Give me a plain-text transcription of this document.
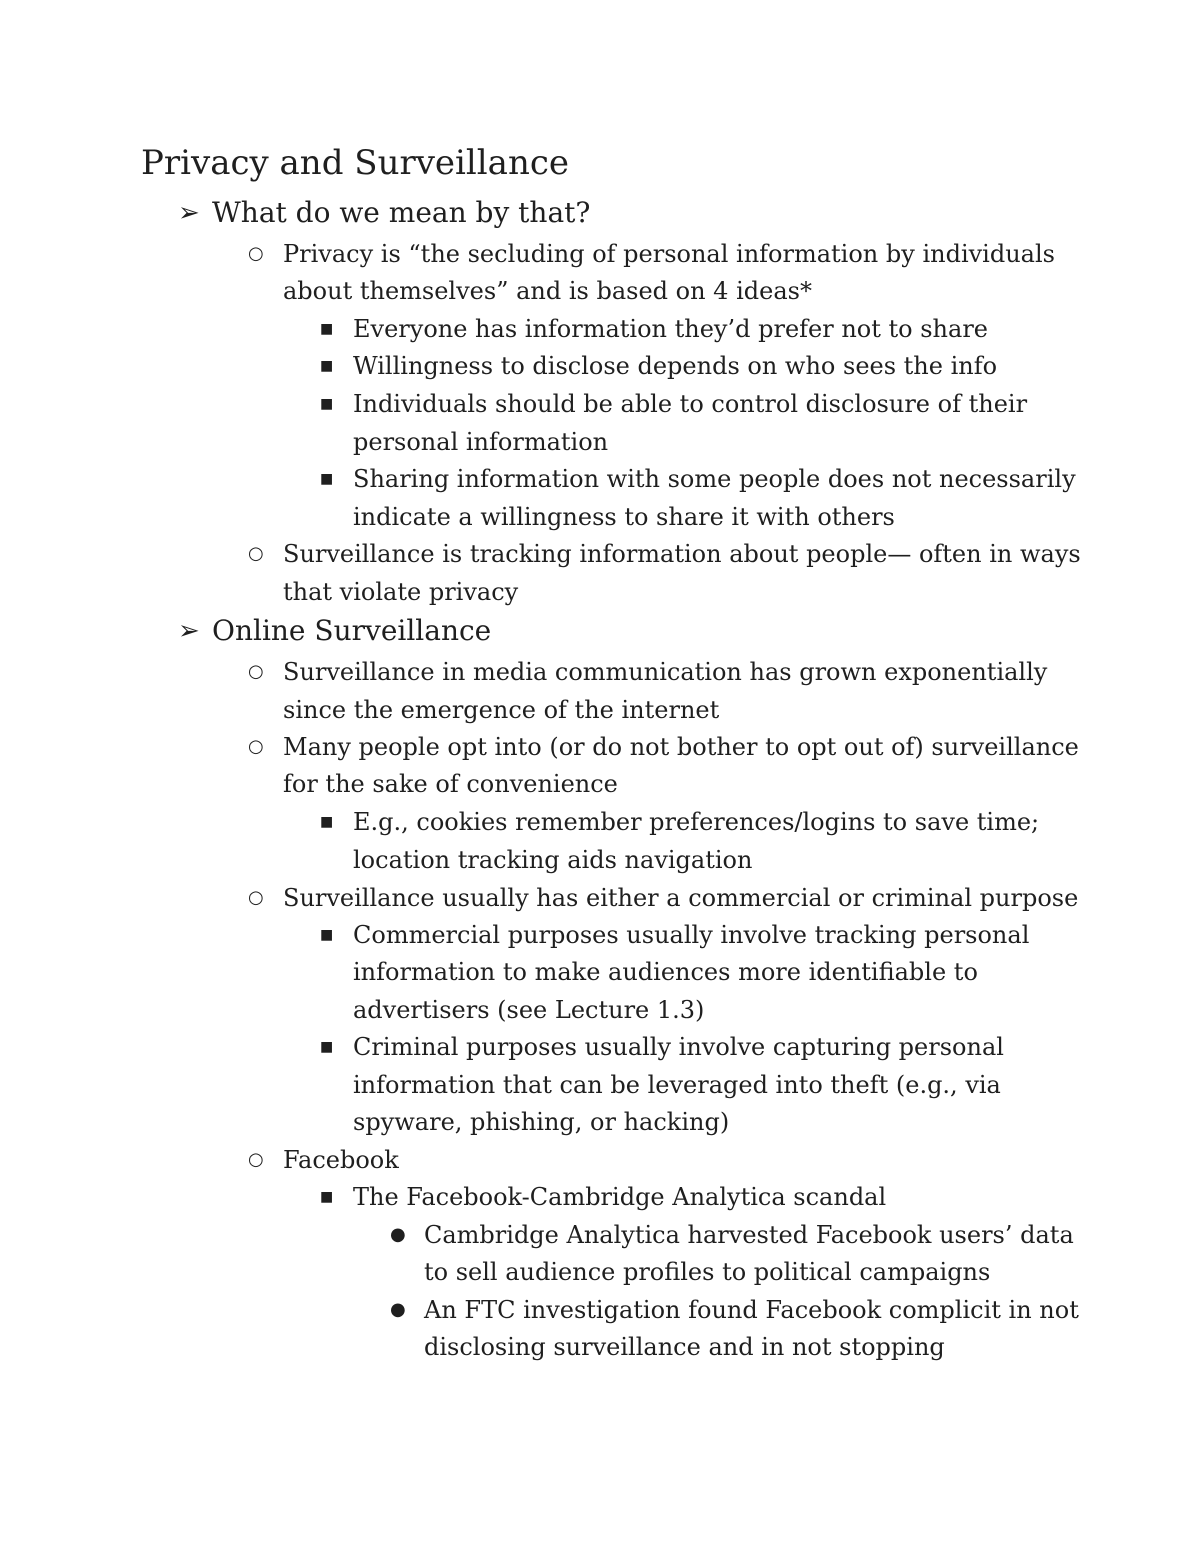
Privacy and Surveillance
➢ What do we mean by that?
○ Privacy is “the secluding of personal information by individuals
about themselves” and is based on 4 ideas*
■ Everyone has information they’d prefer not to share
■ Willingness to disclose depends on who sees the info
■ Individuals should be able to control disclosure of their
personal information
■ Sharing information with some people does not necessarily
indicate a willingness to share it with others
○ Surveillance is tracking information about people— often in ways
that violate privacy
➢ Online Surveillance
○ Surveillance in media communication has grown exponentially
since the emergence of the internet
○ Many people opt into (or do not bother to opt out of) surveillance
for the sake of convenience
■ E.g., cookies remember preferences/logins to save time;
location tracking aids navigation
○ Surveillance usually has either a commercial or criminal purpose
■ Commercial purposes usually involve tracking personal
information to make audiences more identifiable to
advertisers (see Lecture 1.3)
■ Criminal purposes usually involve capturing personal
information that can be leveraged into theft (e.g., via
spyware, phishing, or hacking)
○ Facebook
■ The Facebook-Cambridge Analytica scandal
● Cambridge Analytica harvested Facebook users’ data
to sell audience profiles to political campaigns
● An FTC investigation found Facebook complicit in not
disclosing surveillance and in not stopping
